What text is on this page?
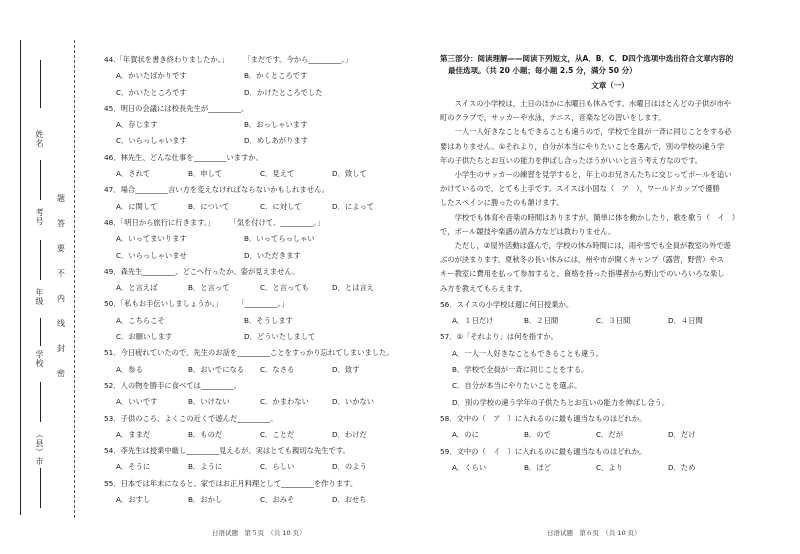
姓名
考号
年级
学校
（县）市
题
答
要
不
内
线
封
密
44.「年賀状を書き終わりましたか。」　　　「まだです。今から_________。」
A．かいたばかりです	B．かくところです
C．かいたところです	D．かけたところでした
45．明日の会議には校長先生が_________。
A．存じます	B．おっしゃいます
C．いらっしゃいます	D．めしあがります
46．林先生、どんな仕事を_________いますか。
A．されて	B．申して	C．見えて	D．致して
47．場合_________言い方を変えなければならないかもしれません。
A．に関して	B．について	C．に対して	D．によって
48．「明日から旅行に行きます。」　　　「気を付けて、_________。」
A．いってまいります	B．いってらっしゃい
C．いらっしゃいませ	D．いただきます
49．森先生_________、どこへ行ったか、姿が見えません。
A．と言えば	B．と言って	C．と言っても	D．とは言え
50．「私もお手伝いしましょうか。」　　　「_________。」
A．こちらこそ	B．そうします
C．お願いします	D．どういたしまして
51．今日疲れていたので、先生のお話を_________ことをすっかり忘れてしまいました。
A．参る	B．おいでになる	C．なさる	D．致す
52．人の物を勝手に食べては_________。
A．いいです	B．いけない	C．かまわない	D．いかない
53．子供のころ、よくこの近くで遊んだ_________。
A．ままだ	B．ものだ	C．ことだ	D．わけだ
54．李先生は授業中厳し_________見えるが、実はとても親切な先生です。
A．そうに	B．ように	C．らしい	D．のよう
55．日本では年末になると、家ではお正月料理として_________を作ります。
A．おすし	B．おかし	C．おみそ	D．おせち
日语试题　第５页　（共 10 页）
第三部分：阅读理解——阅读下列短文，从A．B．C．D四个选项中选出符合文章内容的
最佳选项。（共 20 小题；每小题 2.5 分，满分 50 分）
文章（一）

　　スイスの小学校は，土日のほかに水曜日も休みです。水曜日はほとんどの子供が市や

町のクラブで，サッカーや水泳，テニス，音楽などの習いをします。

　　一人一人好きなこともできることも違うので，学校で全員が一斉に同じことをする必

要はありません。①それより，自分が本当にやりたいことを選んで，別の学校の違う学

年の子供たちとお互いの能力を伸ばし合ったほうがいいと言う考え方なのです。

　　小学生のサッカーの練習を見学すると，年上のお兄さんたちに交じってボールを追い

かけているので，とても上手です。スイスは小国な（　ア　），ワールドカップで優勝

したスペインに勝ったのも頷けます。

　　学校でも体育や音楽の時間はありますが，簡単に体を動かしたり，歌を歌う（　イ　）

で，ボール競技や楽譜の読み方などは教わりません。

　　ただし，②屋外活動は盛んで，学校の休み時間には，雨や雪でも全員が教室の外で遊

ぶのが決まります。夏秋冬の長い休みには，州や市が開くキャンプ（露营，野营）やス

キー教室に費用を払って参加すると，資格を持った指導者から野山でのいろいろな楽し

み方を教えてもらえます。

56．スイスの小学校は週に何日授業か。
A．１日だけ	B．２日間	C．３日間	D．４日間
57．①「それより」は何を指すか。
A．一人一人好きなこともできることも違う。
B．学校で全員が一斉に同じことをする。
C．自分が本当にやりたいことを選ぶ。
D．別の学校の違う学年の子供たちとお互いの能力を伸ばし合う。
58．文中の（　ア　）に入れるのに最も適当なものはどれか。
A．のに	B．ので	C．だが	D．だけ
59．文中の（　イ　）に入れるのに最も適当なものはどれか。
A．くらい	B．ほど	C．より	D．ため
日语试题　第６页　（共 10 页）
